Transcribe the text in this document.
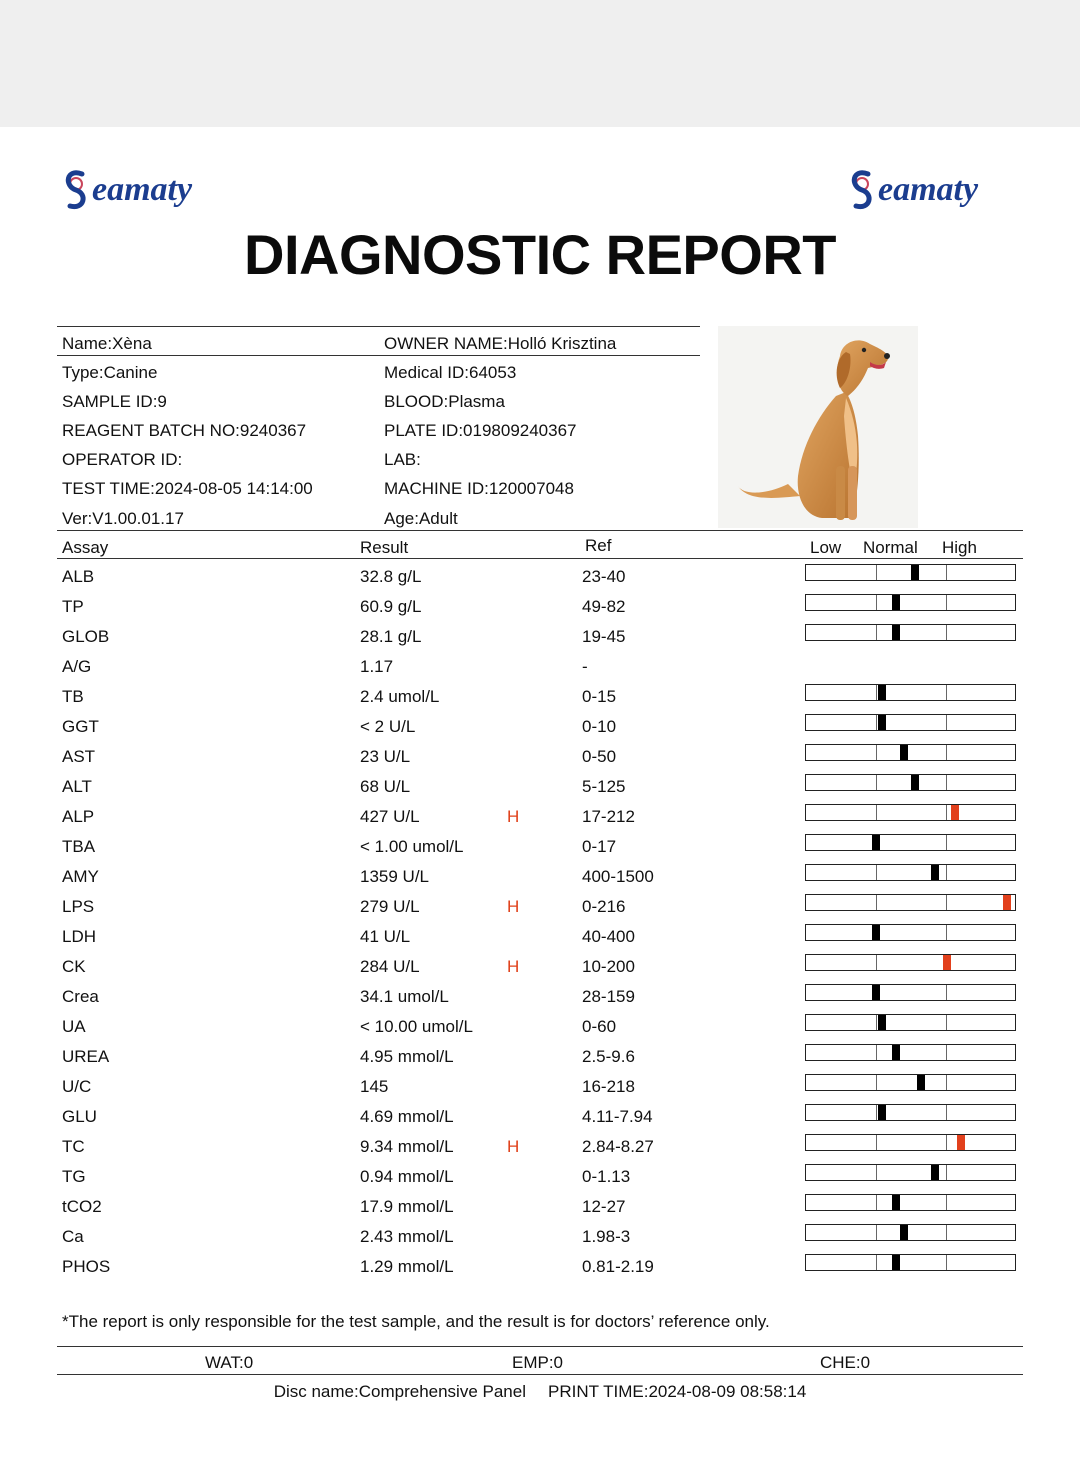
eamaty	eamaty
DIAGNOSTIC REPORT
Name:Xèna	OWNER NAME:Holló Krisztina
Type:Canine	Medical ID:64053
SAMPLE ID:9	BLOOD:Plasma
REAGENT BATCH NO:9240367	PLATE ID:019809240367
OPERATOR ID:	LAB:
TEST TIME:2024-08-05 14:14:00	MACHINE ID:120007048
Ver:V1.00.01.17	Age:Adult
Assay	Result	Ref	Low Normal High
ALB	32.8 g/L	23-40
TP	60.9 g/L	49-82
GLOB	28.1 g/L	19-45
A/G	1.17	-
TB	2.4 umol/L	0-15
GGT	< 2 U/L	0-10
AST	23 U/L	0-50
ALT	68 U/L	5-125
ALP	427 U/L	H	17-212
TBA	< 1.00 umol/L	0-17
AMY	1359 U/L	400-1500
LPS	279 U/L	H	0-216
LDH	41 U/L	40-400
CK	284 U/L	H	10-200
Crea	34.1 umol/L	28-159
UA	< 10.00 umol/L	0-60
UREA	4.95 mmol/L	2.5-9.6
U/C	145	16-218
GLU	4.69 mmol/L	4.11-7.94
TC	9.34 mmol/L	H	2.84-8.27
TG	0.94 mmol/L	0-1.13
tCO2	17.9 mmol/L	12-27
Ca	2.43 mmol/L	1.98-3
PHOS	1.29 mmol/L	0.81-2.19
*The report is only responsible for the test sample, and the result is for doctors’ reference only.
WAT:0	EMP:0	CHE:0
Disc name:Comprehensive Panel PRINT TIME:2024-08-09 08:58:14
